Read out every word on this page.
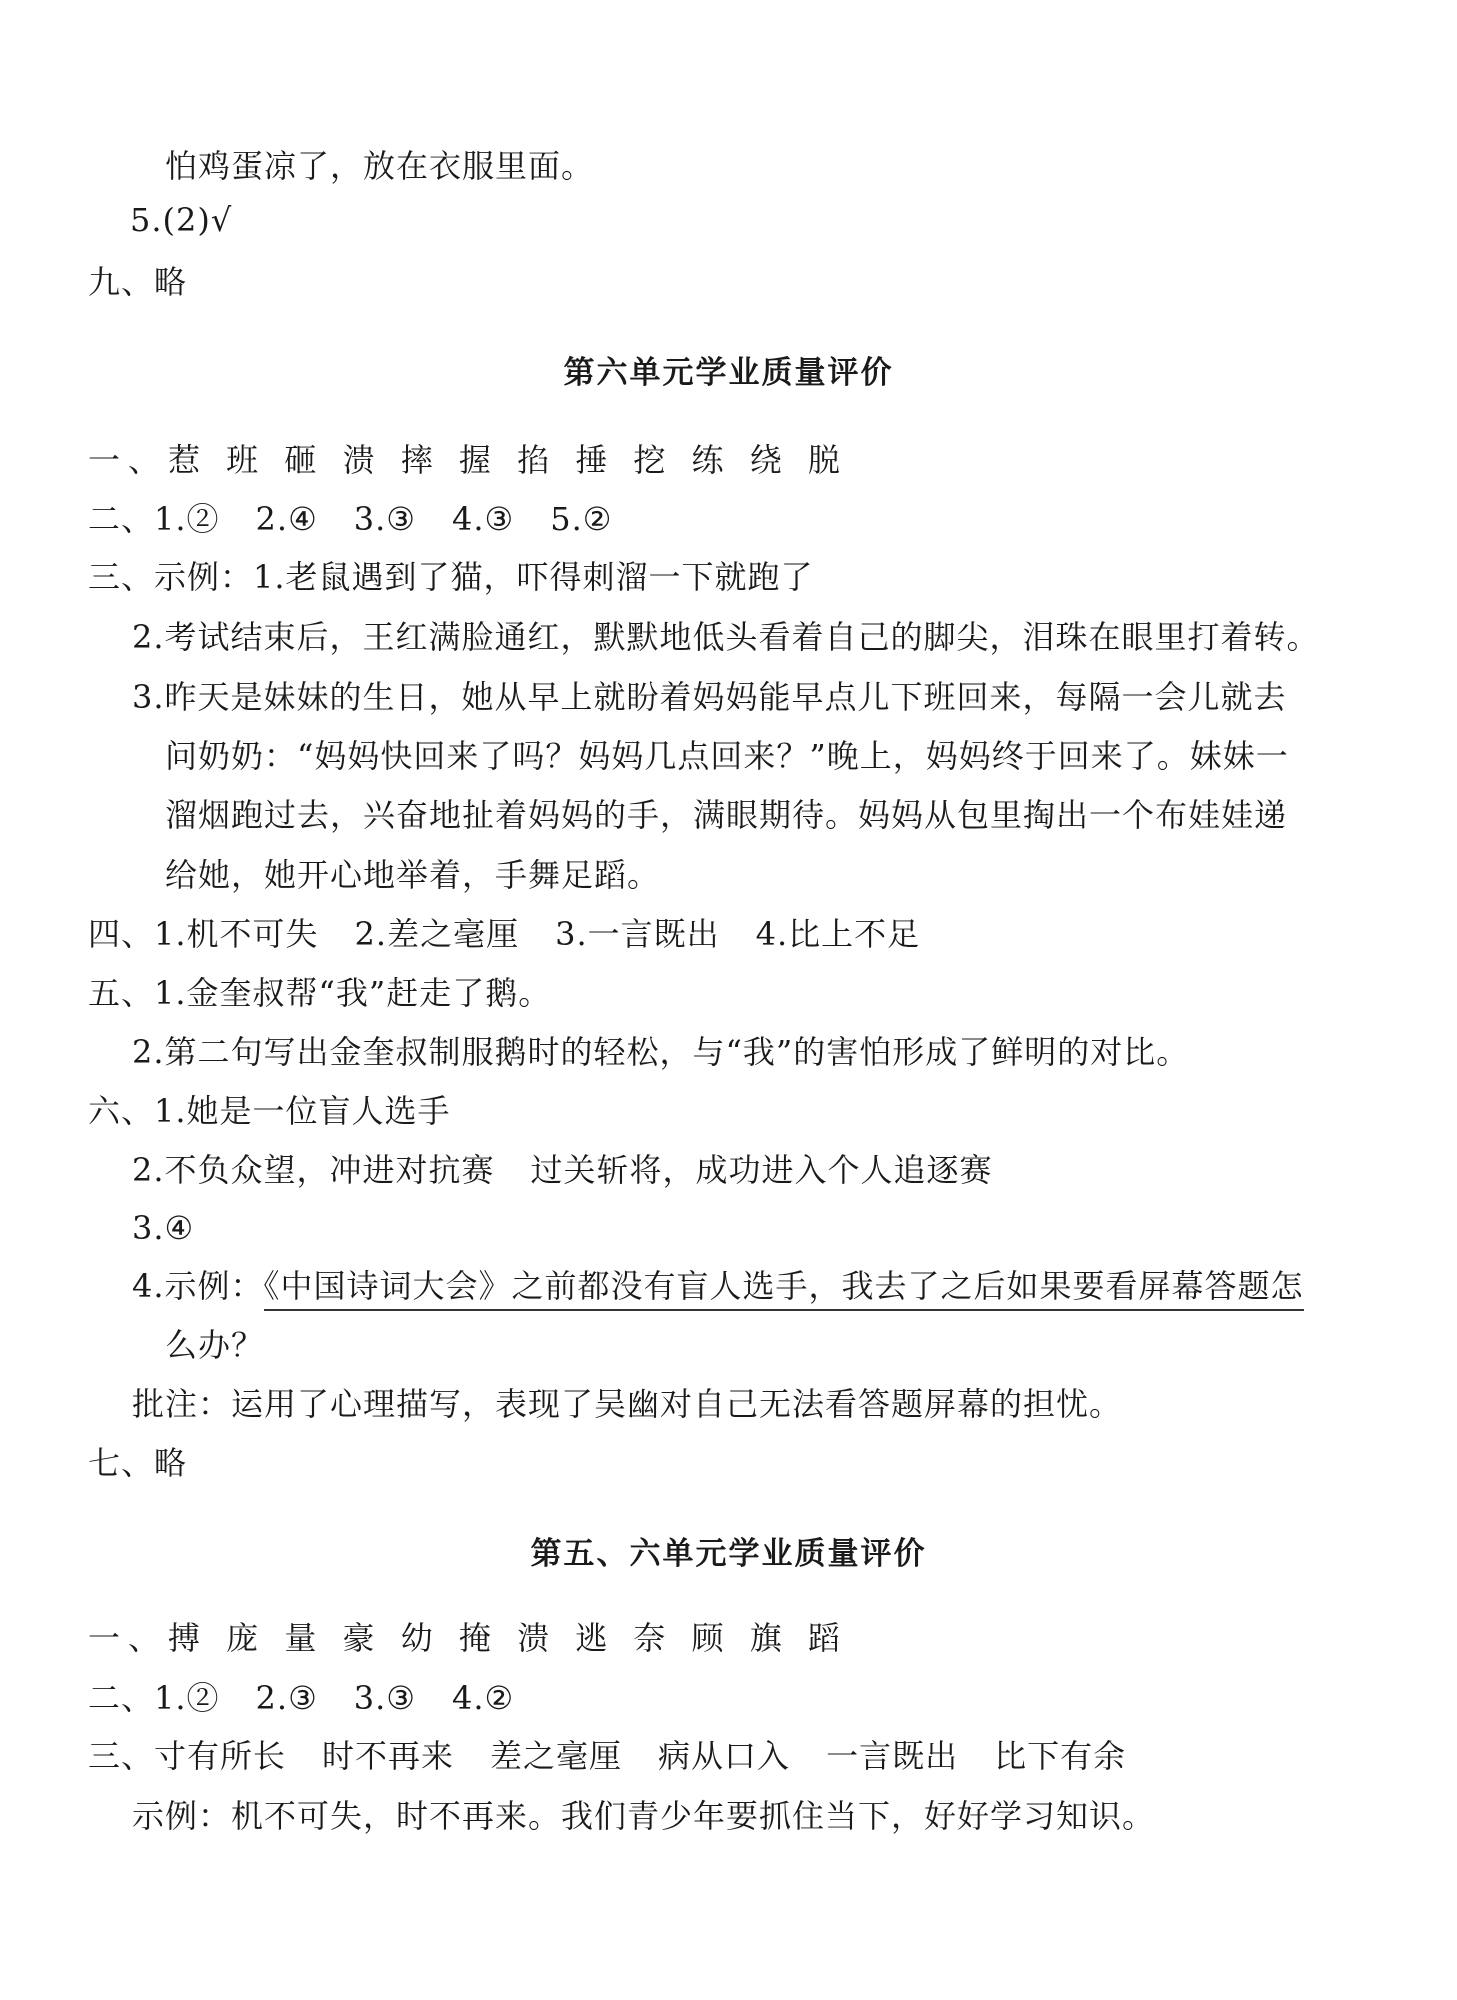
怕鸡蛋凉了，放在衣服里面。
5.(2)√
九、略
第六单元学业质量评价
一、惹 班 砸 溃 摔 握 掐 捶 挖 练 绕 脱
二、1.② 2.④ 3.③ 4.③ 5.②
三、示例：1.老鼠遇到了猫，吓得刺溜一下就跑了
2.考试结束后，王红满脸通红，默默地低头看着自己的脚尖，泪珠在眼里打着转。
3.昨天是妹妹的生日，她从早上就盼着妈妈能早点儿下班回来，每隔一会儿就去
问奶奶：“妈妈快回来了吗？妈妈几点回来？”晚上，妈妈终于回来了。妹妹一
溜烟跑过去，兴奋地扯着妈妈的手，满眼期待。妈妈从包里掏出一个布娃娃递
给她，她开心地举着，手舞足蹈。
四、1.机不可失 2.差之毫厘 3.一言既出 4.比上不足
五、1.金奎叔帮“我”赶走了鹅。
2.第二句写出金奎叔制服鹅时的轻松，与“我”的害怕形成了鲜明的对比。
六、1.她是一位盲人选手
2.不负众望，冲进对抗赛 过关斩将，成功进入个人追逐赛
3.④
4.示例：《中国诗词大会》之前都没有盲人选手，我去了之后如果要看屏幕答题怎
么办？
批注：运用了心理描写，表现了吴幽对自己无法看答题屏幕的担忧。
七、略
第五、六单元学业质量评价
一、搏 庞 量 豪 幼 掩 溃 逃 奈 顾 旗 蹈
二、1.② 2.③ 3.③ 4.②
三、寸有所长 时不再来 差之毫厘 病从口入 一言既出 比下有余
示例：机不可失，时不再来。我们青少年要抓住当下，好好学习知识。
